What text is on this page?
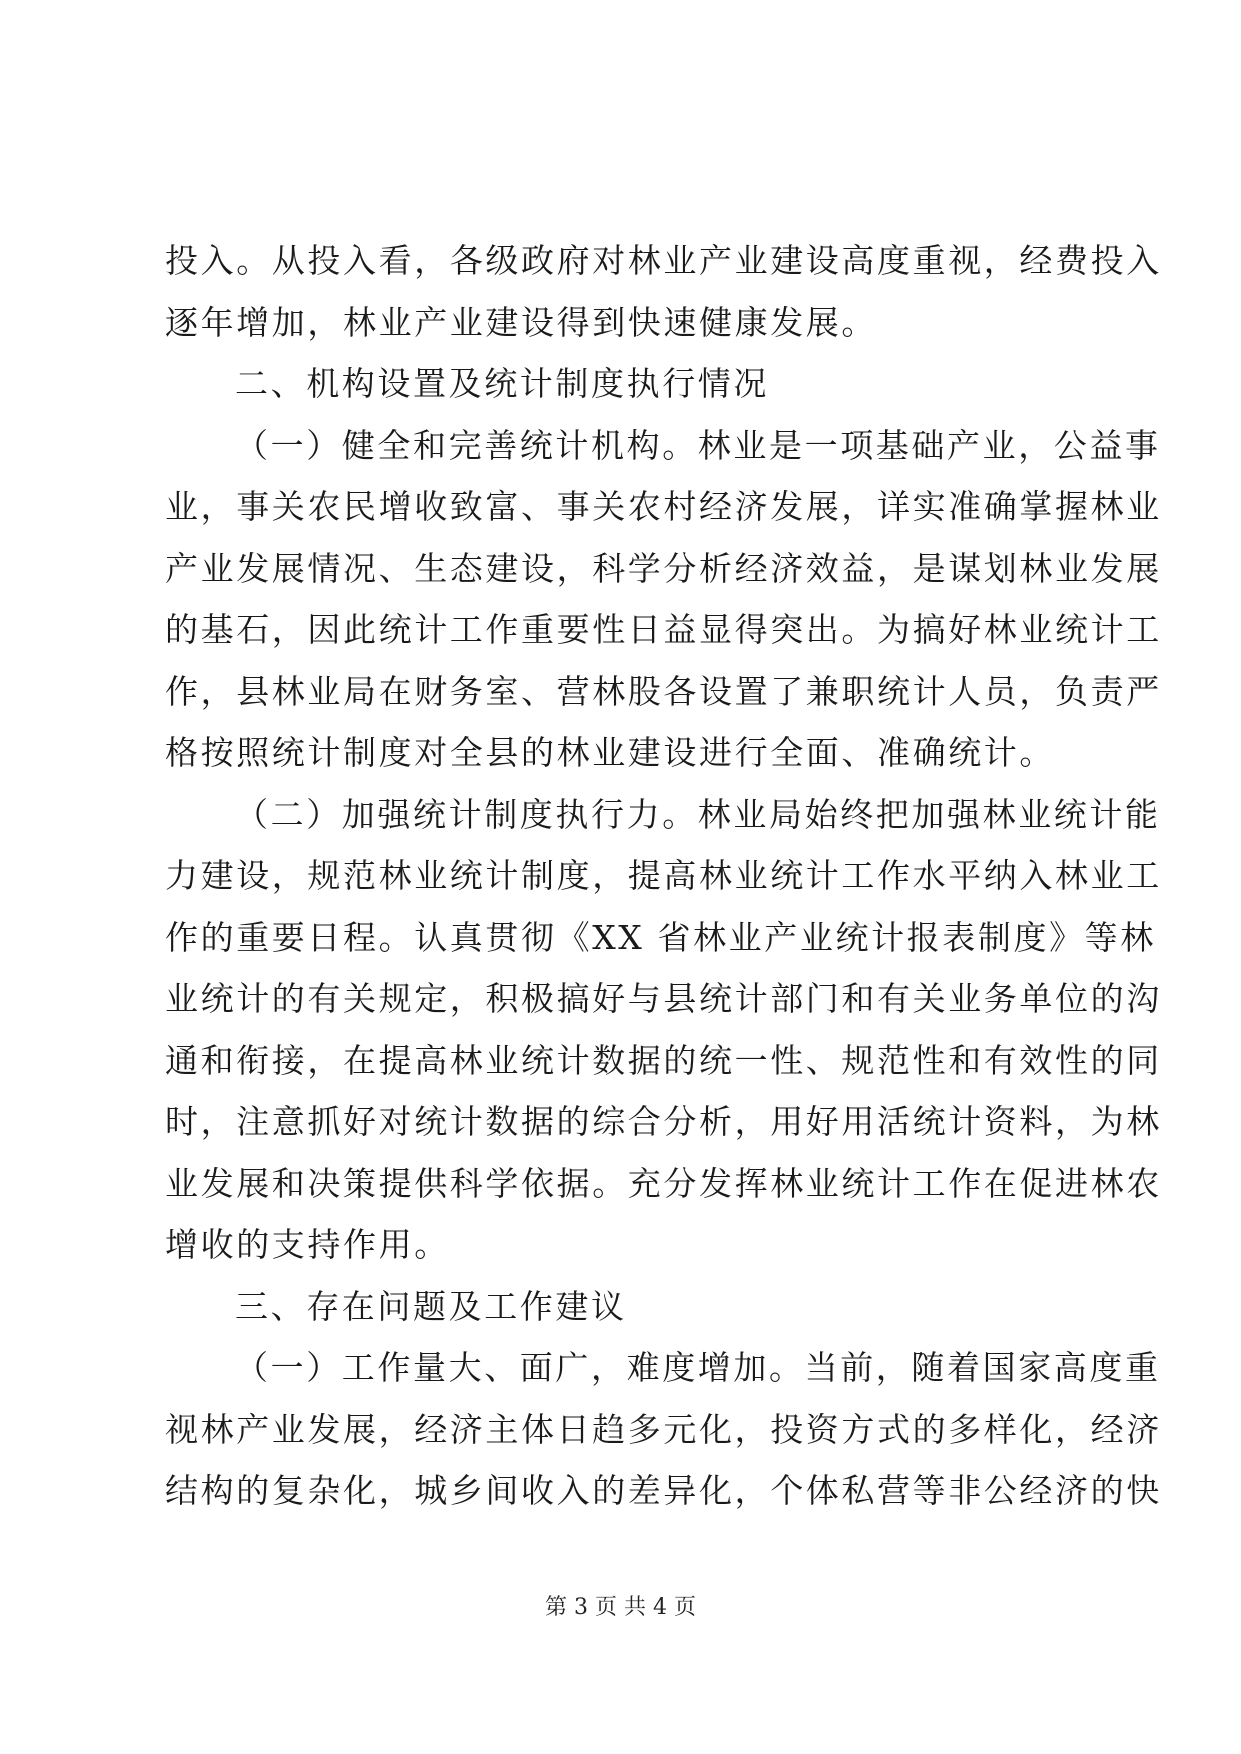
投入。从投入看，各级政府对林业产业建设高度重视，经费投入
逐年增加，林业产业建设得到快速健康发展。
二、机构设置及统计制度执行情况
（一）健全和完善统计机构。林业是一项基础产业，公益事
业，事关农民增收致富、事关农村经济发展，详实准确掌握林业
产业发展情况、生态建设，科学分析经济效益，是谋划林业发展
的基石，因此统计工作重要性日益显得突出。为搞好林业统计工
作，县林业局在财务室、营林股各设置了兼职统计人员，负责严
格按照统计制度对全县的林业建设进行全面、准确统计。
（二）加强统计制度执行力。林业局始终把加强林业统计能
力建设，规范林业统计制度，提高林业统计工作水平纳入林业工
作的重要日程。认真贯彻《XX 省林业产业统计报表制度》等林
业统计的有关规定，积极搞好与县统计部门和有关业务单位的沟
通和衔接，在提高林业统计数据的统一性、规范性和有效性的同
时，注意抓好对统计数据的综合分析，用好用活统计资料，为林
业发展和决策提供科学依据。充分发挥林业统计工作在促进林农
增收的支持作用。
三、存在问题及工作建议
（一）工作量大、面广，难度增加。当前，随着国家高度重
视林产业发展，经济主体日趋多元化，投资方式的多样化，经济
结构的复杂化，城乡间收入的差异化，个体私营等非公经济的快
第 3 页 共 4 页
